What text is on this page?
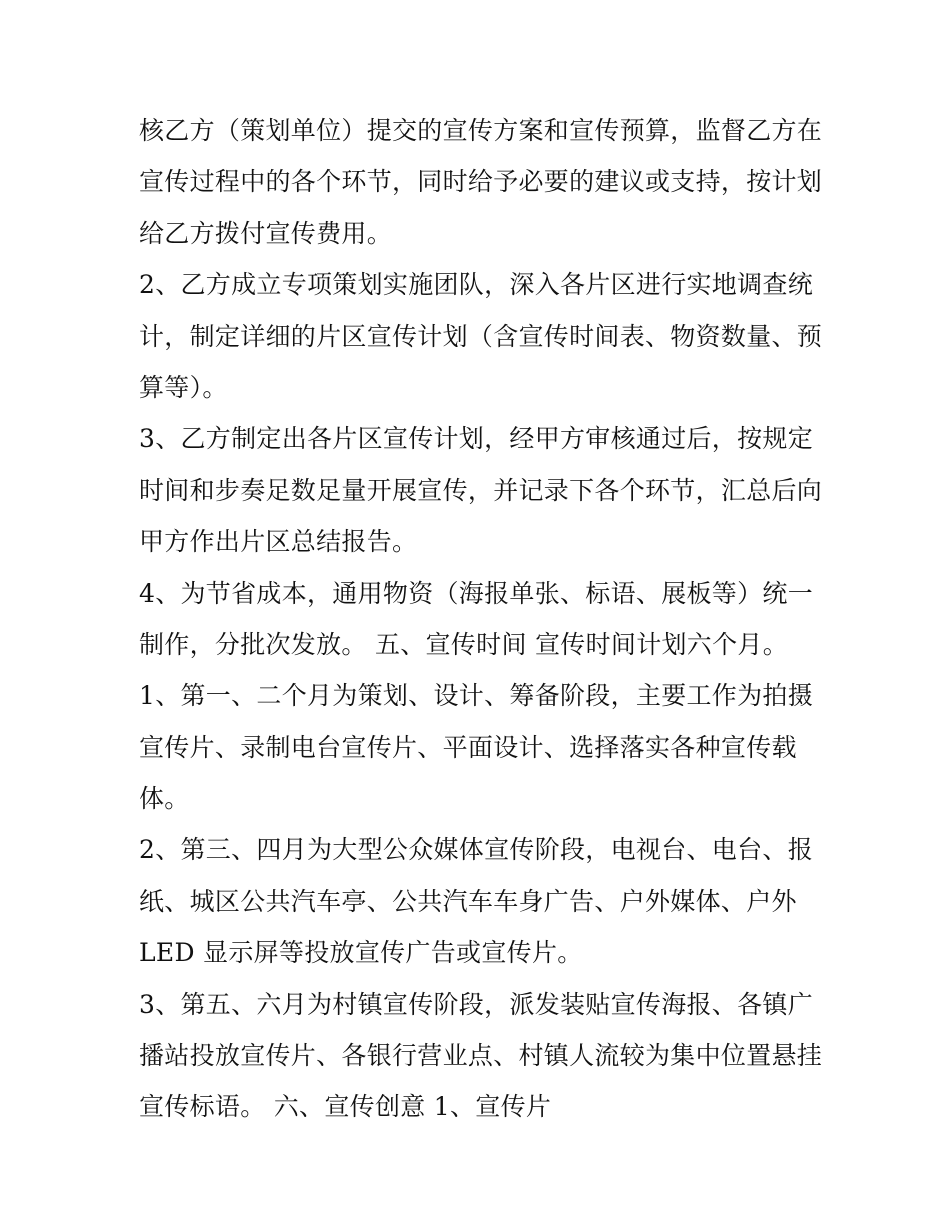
核乙方（策划单位）提交的宣传方案和宣传预算，监督乙方在
宣传过程中的各个环节，同时给予必要的建议或支持，按计划
给乙方拨付宣传费用。
2、乙方成立专项策划实施团队，深入各片区进行实地调查统
计，制定详细的片区宣传计划（含宣传时间表、物资数量、预
算等）。
3、乙方制定出各片区宣传计划，经甲方审核通过后，按规定
时间和步奏足数足量开展宣传，并记录下各个环节，汇总后向
甲方作出片区总结报告。
4、为节省成本，通用物资（海报单张、标语、展板等）统一
制作，分批次发放。 五、宣传时间 宣传时间计划六个月。
1、第一、二个月为策划、设计、筹备阶段，主要工作为拍摄
宣传片、录制电台宣传片、平面设计、选择落实各种宣传载
体。
2、第三、四月为大型公众媒体宣传阶段，电视台、电台、报
纸、城区公共汽车亭、公共汽车车身广告、户外媒体、户外
LED 显示屏等投放宣传广告或宣传片。
3、第五、六月为村镇宣传阶段，派发装贴宣传海报、各镇广
播站投放宣传片、各银行营业点、村镇人流较为集中位置悬挂
宣传标语。 六、宣传创意 1、宣传片
